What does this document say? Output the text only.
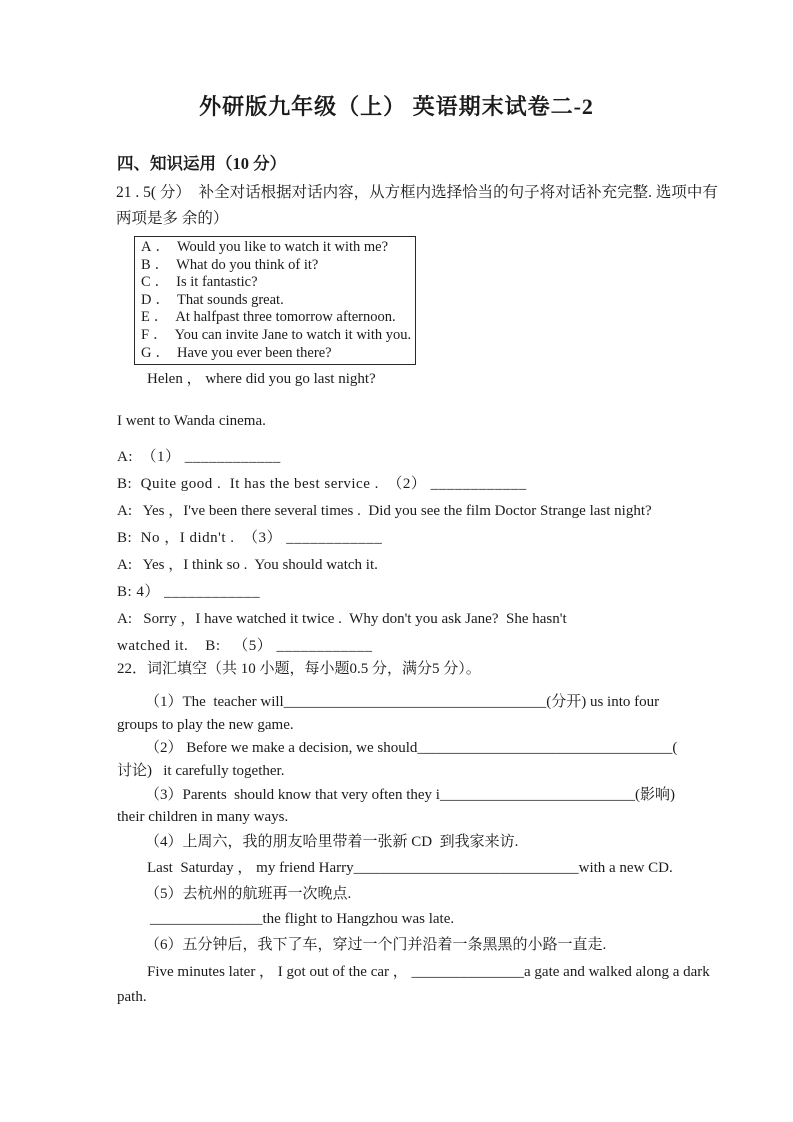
外研版九年级（上） 英语期末试卷二-2
四、知识运用（10 分）
21 . 5( 分）  补全对话根据对话内容，从方框内选择恰当的句子将对话补充完整. 选项中有
两项是多 余的）
A ． Would you like to watch it with me?
B ． What do you think of it?
C ． Is it fantastic?
D ． That sounds great.
E ． At halfpast three tomorrow afternoon.
F ． You can invite Jane to watch it with you.
G ． Have you ever been there?
Helen ， where did you go last night?
I went to Wanda cinema.
A:  （1） ____________
B:  Quite good .  It has the best service .  （2） ____________
A:   Yes ，I've been there several times .  Did you see the film Doctor Strange last night?
B:  No ，I didn't .  （3） ____________
A:   Yes ，I think so .  You should watch it.
B: 4） ____________
A:   Sorry ，I have watched it twice .  Why don't you ask Jane?  She hasn't
watched it.    B:   （5） ____________
22．词汇填空（共 10 小题，每小题0.5 分，满分5 分）。
（1）The  teacher will___________________________________(分开) us into four
groups to play the new game.
（2） Before we make a decision, we should__________________________________(
讨论)   it carefully together.
（3）Parents  should know that very often they i__________________________(影响)
their children in many ways.
（4）上周六，我的朋友哈里带着一张新 CD  到我家来访.
Last  Saturday ， my friend Harry______________________________with a new CD.
（5）去杭州的航班再一次晚点.
_______________the flight to Hangzhou was late.
（6）五分钟后，我下了车，穿过一个门并沿着一条黑黑的小路一直走.
Five minutes later ， I got out of the car ， _______________a gate and walked along a dark
path.
